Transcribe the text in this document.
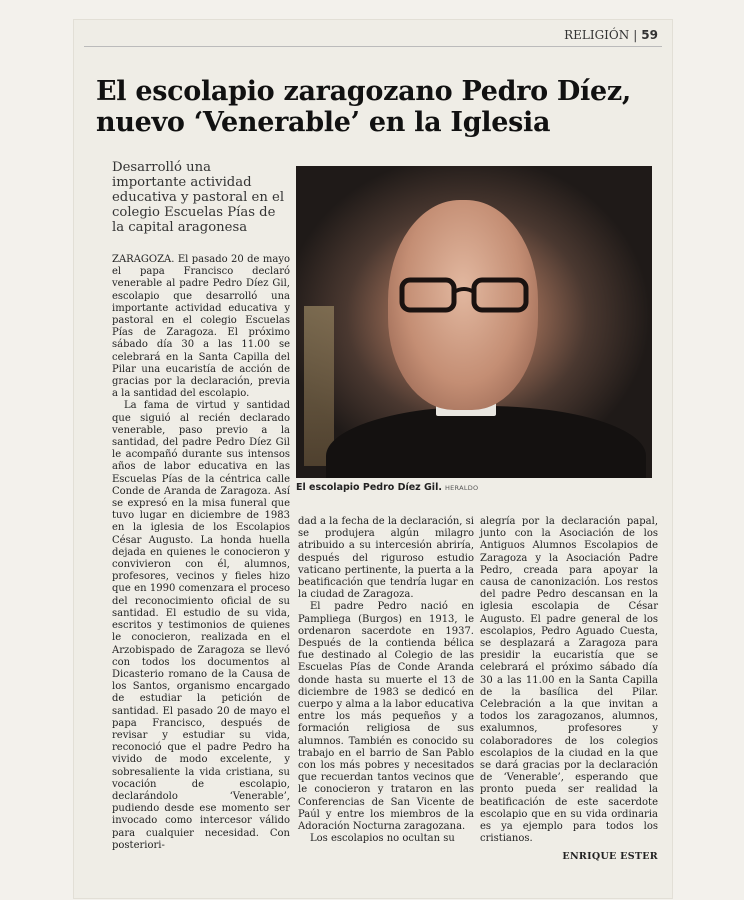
RELIGIÓN | 59
El escolapio zaragozano Pedro Díez, nuevo ‘Venerable’ en la Iglesia
Desarrolló una importante actividad educativa y pastoral en el colegio Escuelas Pías de la capital aragonesa
El escolapio Pedro Díez Gil. HERALDO

ZARAGOZA. El pasado 20 de mayo el papa Francisco declaró venerable al padre Pedro Díez Gil, escolapio que desarrolló una importante actividad educativa y pastoral en el colegio Escuelas Pías de Zaragoza. El próximo sábado día 30 a las 11.00 se celebrará en la Santa Capilla del Pilar una eucaristía de acción de gracias por la declaración, previa a la santidad del escolapio.

La fama de virtud y santidad que siguió al recién declarado venerable, paso previo a la santidad, del padre Pedro Díez Gil le acompañó durante sus intensos años de labor educativa en las Escuelas Pías de la céntrica calle Conde de Aranda de Zaragoza. Así se expresó en la misa funeral que tuvo lugar en diciembre de 1983 en la iglesia de los Escolapios César Augusto. La honda huella dejada en quienes le conocieron y convivieron con él, alumnos, profesores, vecinos y fieles hizo que en 1990 comenzara el proceso del reconocimiento oficial de su santidad. El estudio de su vida, escritos y testimonios de quienes le conocieron, realizada en el Arzobispado de Zaragoza se llevó con todos los documentos al Dicasterio romano de la Causa de los Santos, organismo encargado de estudiar la petición de santidad. El pasado 20 de mayo el papa Francisco, después de revisar y estudiar su vida, reconoció que el padre Pedro ha vivido de modo excelente, y sobresaliente la vida cristiana, su vocación de escolapio, declarándolo ‘Venerable’, pudiendo desde ese momento ser invocado como intercesor válido para cualquier necesidad. Con posteriori-

dad a la fecha de la declaración, si se produjera algún milagro atribuido a su intercesión abriría, después del riguroso estudio vaticano pertinente, la puerta a la beatificación que tendría lugar en la ciudad de Zaragoza.

El padre Pedro nació en Pampliega (Burgos) en 1913, le ordenaron sacerdote en 1937. Después de la contienda bélica fue destinado al Colegio de las Escuelas Pías de Conde Aranda donde hasta su muerte el 13 de diciembre de 1983 se dedicó en cuerpo y alma a la labor educativa entre los más pequeños y a formación religiosa de sus alumnos. También es conocido su trabajo en el barrio de San Pablo con los más pobres y necesitados que recuerdan tantos vecinos que le conocieron y trataron en las Conferencias de San Vicente de Paúl y entre los miembros de la Adoración Nocturna zaragozana.

Los escolapios no ocultan su

alegría por la declaración papal, junto con la Asociación de los Antiguos Alumnos Escolapios de Zaragoza y la Asociación Padre Pedro, creada para apoyar la causa de canonización. Los restos del padre Pedro descansan en la iglesia escolapia de César Augusto. El padre general de los escolapios, Pedro Aguado Cuesta, se desplazará a Zaragoza para presidir la eucaristía que se celebrará el próximo sábado día 30 a las 11.00 en la Santa Capilla de la basílica del Pilar. Celebración a la que invitan a todos los zaragozanos, alumnos, exalumnos, profesores y colaboradores de los colegios escolapios de la ciudad en la que se dará gracias por la declaración de ‘Venerable’, esperando que pronto pueda ser realidad la beatificación de este sacerdote escolapio que en su vida ordinaria es ya ejemplo para todos los cristianos.

ENRIQUE ESTER
